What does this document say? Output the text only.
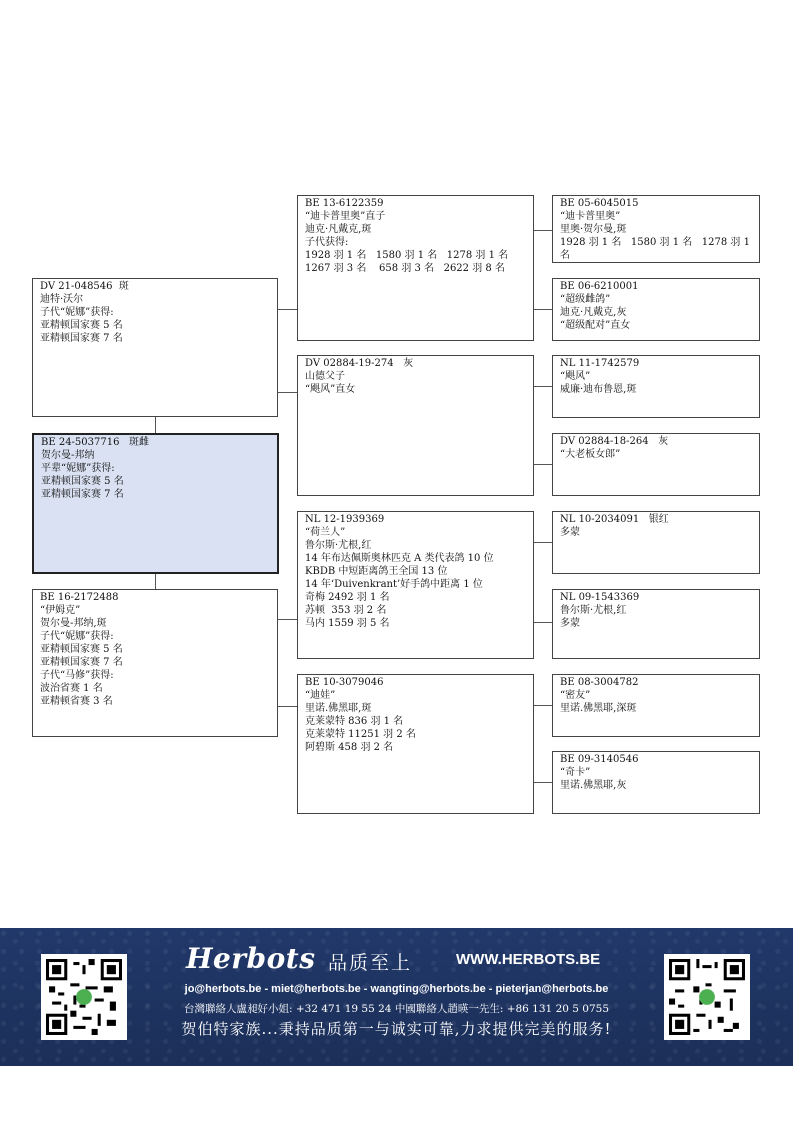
DV 21-048546  斑
迪特·沃尔
子代“妮娜”获得:
亚精顿国家赛 5 名
亚精顿国家赛 7 名
BE 24-5037716   斑雌
贺尔曼-邦纳
平辈“妮娜”获得:
亚精顿国家赛 5 名
亚精顿国家赛 7 名
BE 16-2172488
“伊姆克”
贺尔曼-邦纳,斑
子代“妮娜”获得:
亚精顿国家赛 5 名
亚精顿国家赛 7 名
子代“马修”获得:
波治省赛 1 名
亚精顿省赛 3 名
BE 13-6122359
“迪卡普里奥”直子
迪克·凡戴克,斑
子代获得:
1928 羽 1 名   1580 羽 1 名   1278 羽 1 名
1267 羽 3 名    658 羽 3 名   2622 羽 8 名
DV 02884-19-274   灰
山德父子
“飓风”直女
NL 12-1939369
“荷兰人”
鲁尔斯·尤根,红
14 年布达佩斯奥林匹克 A 类代表鸽 10 位
KBDB 中短距离鸽王全国 13 位
14 年‘Duivenkrant’好手鸽中距离 1 位
奇梅 2492 羽 1 名
苏顿  353 羽 2 名
马内 1559 羽 5 名
BE 10-3079046
“迪娃”
里诺.佛黑耶,斑
克莱蒙特 836 羽 1 名
克莱蒙特 11251 羽 2 名
阿碧斯 458 羽 2 名
BE 05-6045015
“迪卡普里奥”
里奥·贺尔曼,斑
1928 羽 1 名   1580 羽 1 名   1278 羽 1
名
BE 06-6210001
“超级雌鸽”
迪克·凡戴克,灰
“超级配对”直女
NL 11-1742579
“飓风”
威廉·迪布鲁恩,斑
DV 02884-18-264   灰
“大老板女郎”
NL 10-2034091   银红
多蒙
NL 09-1543369
鲁尔斯·尤根,红
多蒙
BE 08-3004782
“密友”
里诺.佛黑耶,深斑
BE 09-3140546
“奇卡”
里诺.佛黑耶,灰
Herbots 品质至上	WWW.HERBOTS.BE
jo@herbots.be - miet@herbots.be - wangting@herbots.be - pieterjan@herbots.be
台灣聯絡人盧昶好小姐: +32 471 19 55 24 中國聯絡人趙暎一先生: +86 131 20 5 0755
贺伯特家族...秉持品质第一与诚实可靠,力求提供完美的服务!
